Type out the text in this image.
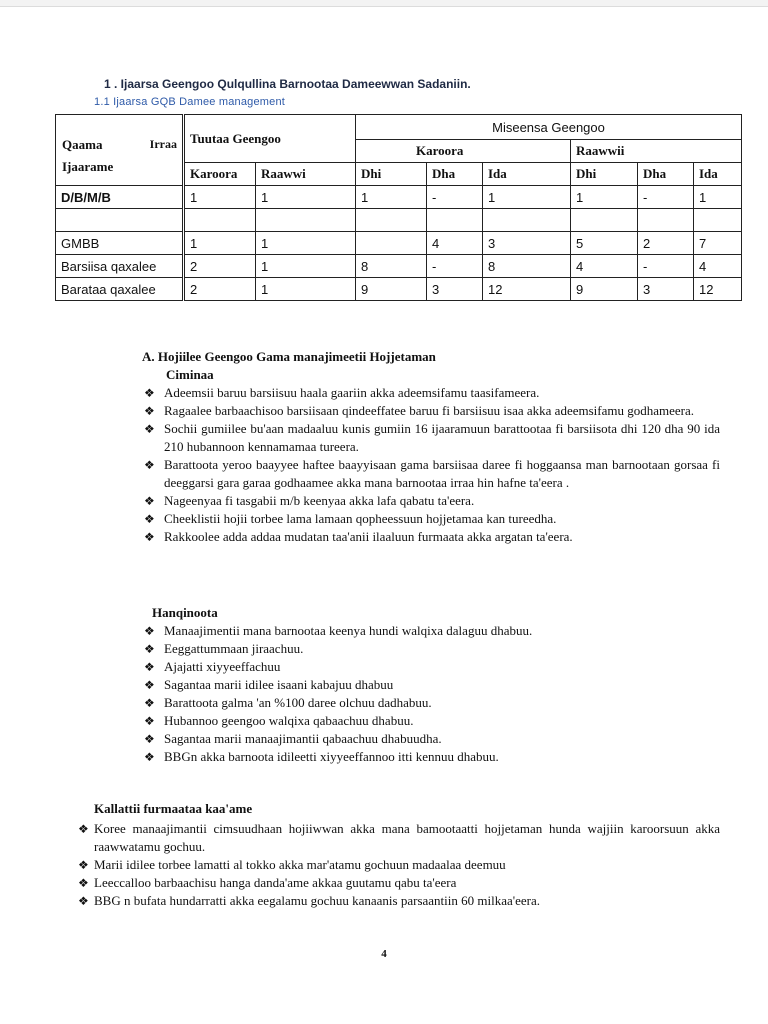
1 . Ijaarsa Geengoo Qulqullina Barnootaa Dameewwan Sadaniin.
1.1 Ijaarsa GQB Damee management
Qaama Irraa
Ijaarame	Tuutaa Geengoo		Miseensa Geengoo					
			Karoora			Raawwii		
	Karoora	Raawwi	Dhi	Dha	Ida	Dhi	Dha	Ida
D/B/M/B	1	1	1	-	1	1	-	1

GMBB	1	1		4	3	5	2	7
Barsiisa qaxalee	2	1	8	-	8	4	-	4
Barataa qaxalee	2	1	9	3	12	9	3	12
A. Hojiilee Geengoo Gama manajimeetii Hojjetaman
Ciminaa
❖ Adeemsii baruu barsiisuu haala gaariin akka adeemsifamu taasifameera.
❖ Ragaalee barbaachisoo barsiisaan qindeeffatee baruu fi barsiisuu isaa akka adeemsifamu godhameera.
❖ Sochii gumiilee bu'aan madaaluu kunis gumiin 16 ijaaramuun barattootaa fi barsiisota dhi 120 dha 90 ida 210 hubannoon kennamamaa tureera.
❖ Barattoota yeroo baayyee haftee baayyisaan gama barsiisaa daree fi hoggaansa man barnootaan gorsaa fi deeggarsi gara garaa godhaamee akka mana barnootaa irraa hin hafne ta'eera .
❖ Nageenyaa fi tasgabii m/b keenyaa akka lafa qabatu ta'eera.
❖ Cheeklistii hojii torbee lama lamaan qopheessuun hojjetamaa kan tureedha.
❖ Rakkoolee adda addaa mudatan taa'anii ilaaluun furmaata akka argatan ta'eera.
Hanqinoota
❖ Manaajimentii mana barnootaa keenya hundi walqixa dalaguu dhabuu.
❖ Eeggattummaan jiraachuu.
❖ Ajajatti xiyyeeffachuu
❖ Sagantaa marii idilee isaani kabajuu dhabuu
❖ Barattoota galma 'an %100 daree olchuu dadhabuu.
❖ Hubannoo geengoo walqixa qabaachuu dhabuu.
❖ Sagantaa marii manaajimantii qabaachuu dhabuudha.
❖ BBGn akka barnoota idileetti xiyyeeffannoo itti kennuu dhabuu.
Kallattii furmaataa kaa'ame
❖ Koree manaajimantii cimsuudhaan hojiiwwan akka mana bamootaatti hojjetaman hunda wajjiin karoorsuun akka raawwatamu gochuu.
❖ Marii idilee torbee lamatti al tokko akka mar'atamu gochuun madaalaa deemuu
❖ Leeccalloo barbaachisu hanga danda'ame akkaa guutamu qabu ta'eera
❖ BBG n bufata hundarratti akka eegalamu gochuu kanaanis parsaantiin 60 milkaa'eera.
4
